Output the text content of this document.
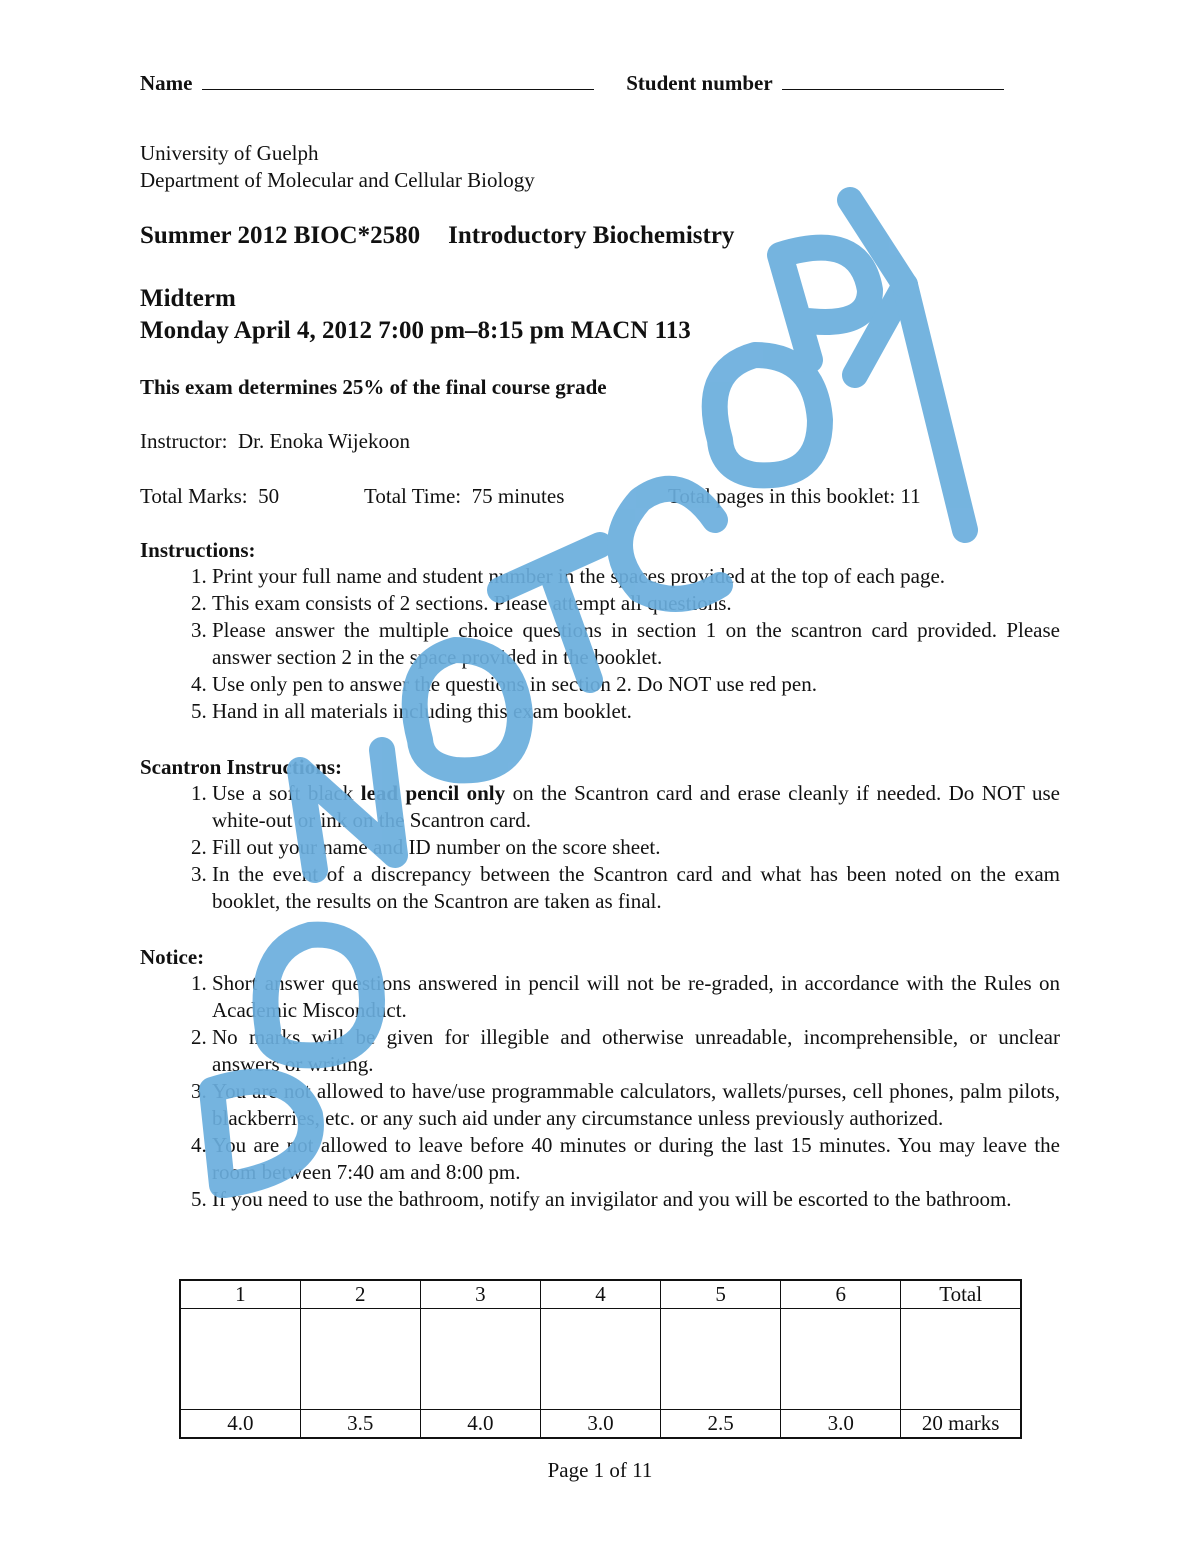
Name	Student number
University of Guelph
Department of Molecular and Cellular Biology
Summer 2012 BIOC*2580 Introductory Biochemistry
Midterm
Monday April 4, 2012 7:00 pm–8:15 pm MACN 113
This exam determines 25% of the final course grade
Instructor:  Dr. Enoka Wijekoon
Total Marks:  50	Total Time:  75 minutes	Total pages in this booklet: 11
Instructions:
1. Print your full name and student number in the spaces provided at the top of each page.
2. This exam consists of 2 sections. Please attempt all questions.
3. Please answer the multiple choice questions in section 1 on the scantron card provided. Please answer section 2 in the space provided in the booklet.
4. Use only pen to answer the questions in section 2. Do NOT use red pen.
5. Hand in all materials including this exam booklet.
Scantron Instructions:
1. Use a soft black lead pencil only on the Scantron card and erase cleanly if needed. Do NOT use white-out or ink on the Scantron card.
2. Fill out your name and ID number on the score sheet.
3. In the event of a discrepancy between the Scantron card and what has been noted on the exam booklet, the results on the Scantron are taken as final.
Notice:
1. Short answer questions answered in pencil will not be re-graded, in accordance with the Rules on Academic Misconduct.
2. No marks will be given for illegible and otherwise unreadable, incomprehensible, or unclear answers or writing.
3. You are not allowed to have/use programmable calculators, wallets/purses, cell phones, palm pilots, blackberries, etc. or any such aid under any circumstance unless previously authorized.
4. You are not allowed to leave before 40 minutes or during the last 15 minutes. You may leave the room between 7:40 am and 8:00 pm.
5. If you need to use the bathroom, notify an invigilator and you will be escorted to the bathroom.
1	2	3	4	5	6	Total

4.0	3.5	4.0	3.0	2.5	3.0	20 marks
Page 1 of 11
